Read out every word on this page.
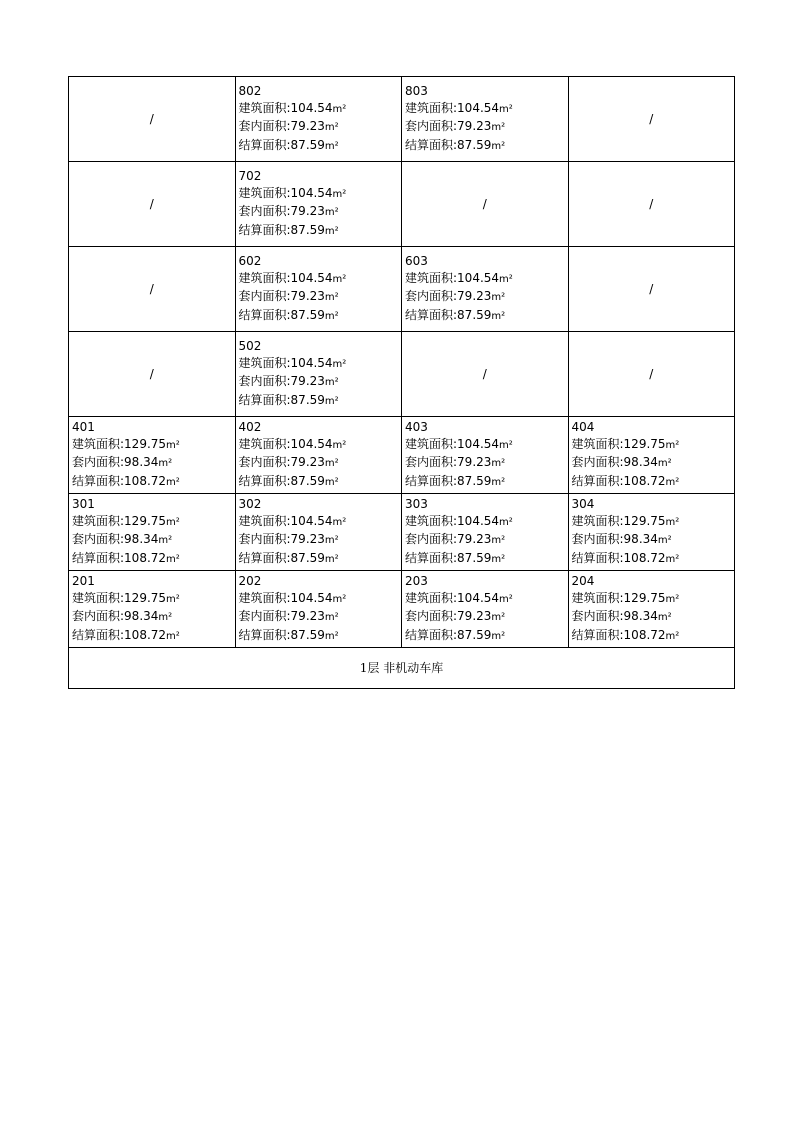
/	802
建筑面积:104.54m²
套内面积:79.23m²
结算面积:87.59m²	803
建筑面积:104.54m²
套内面积:79.23m²
结算面积:87.59m²	/
/	702
建筑面积:104.54m²
套内面积:79.23m²
结算面积:87.59m²	/	/
/	602
建筑面积:104.54m²
套内面积:79.23m²
结算面积:87.59m²	603
建筑面积:104.54m²
套内面积:79.23m²
结算面积:87.59m²	/
/	502
建筑面积:104.54m²
套内面积:79.23m²
结算面积:87.59m²	/	/

401
建筑面积:129.75m²
套内面积:98.34m²
结算面积:108.72m²	402
建筑面积:104.54m²
套内面积:79.23m²
结算面积:87.59m²	403
建筑面积:104.54m²
套内面积:79.23m²
结算面积:87.59m²	404
建筑面积:129.75m²
套内面积:98.34m²
结算面积:108.72m²

301
建筑面积:129.75m²
套内面积:98.34m²
结算面积:108.72m²	302
建筑面积:104.54m²
套内面积:79.23m²
结算面积:87.59m²	303
建筑面积:104.54m²
套内面积:79.23m²
结算面积:87.59m²	304
建筑面积:129.75m²
套内面积:98.34m²
结算面积:108.72m²

201
建筑面积:129.75m²
套内面积:98.34m²
结算面积:108.72m²	202
建筑面积:104.54m²
套内面积:79.23m²
结算面积:87.59m²	203
建筑面积:104.54m²
套内面积:79.23m²
结算面积:87.59m²	204
建筑面积:129.75m²
套内面积:98.34m²
结算面积:108.72m²

1层 非机动车库			
